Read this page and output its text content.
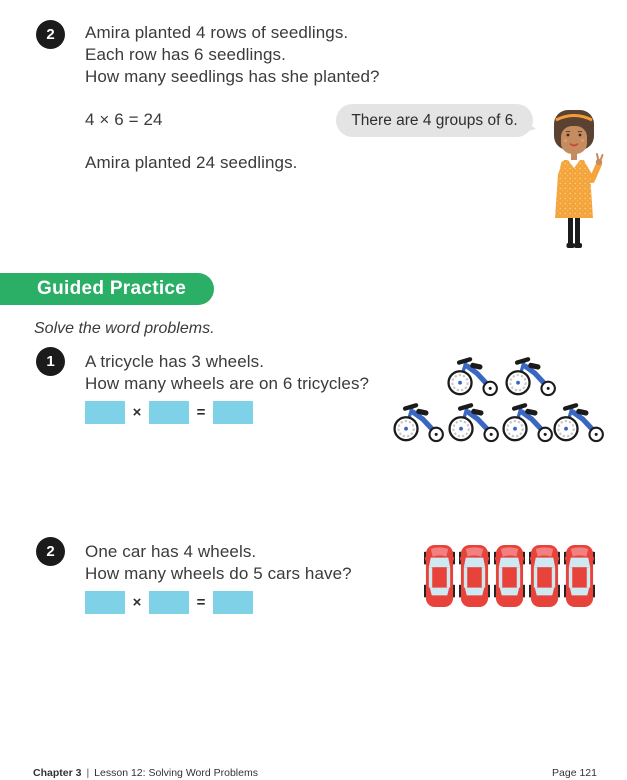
2	Amira planted 4 rows of seedlings.
Each row has 6 seedlings.
How many seedlings has she planted?
4 × 6 = 24
Amira planted 24 seedlings.
There are 4 groups of 6.
Guided Practice
Solve the word problems.
1	A tricycle has 3 wheels.
How many wheels are on 6 tricycles?
×	=
2	One car has 4 wheels.
How many wheels do 5 cars have?
×	=
Chapter 3 | Lesson 12: Solving Word Problems	Page 121
